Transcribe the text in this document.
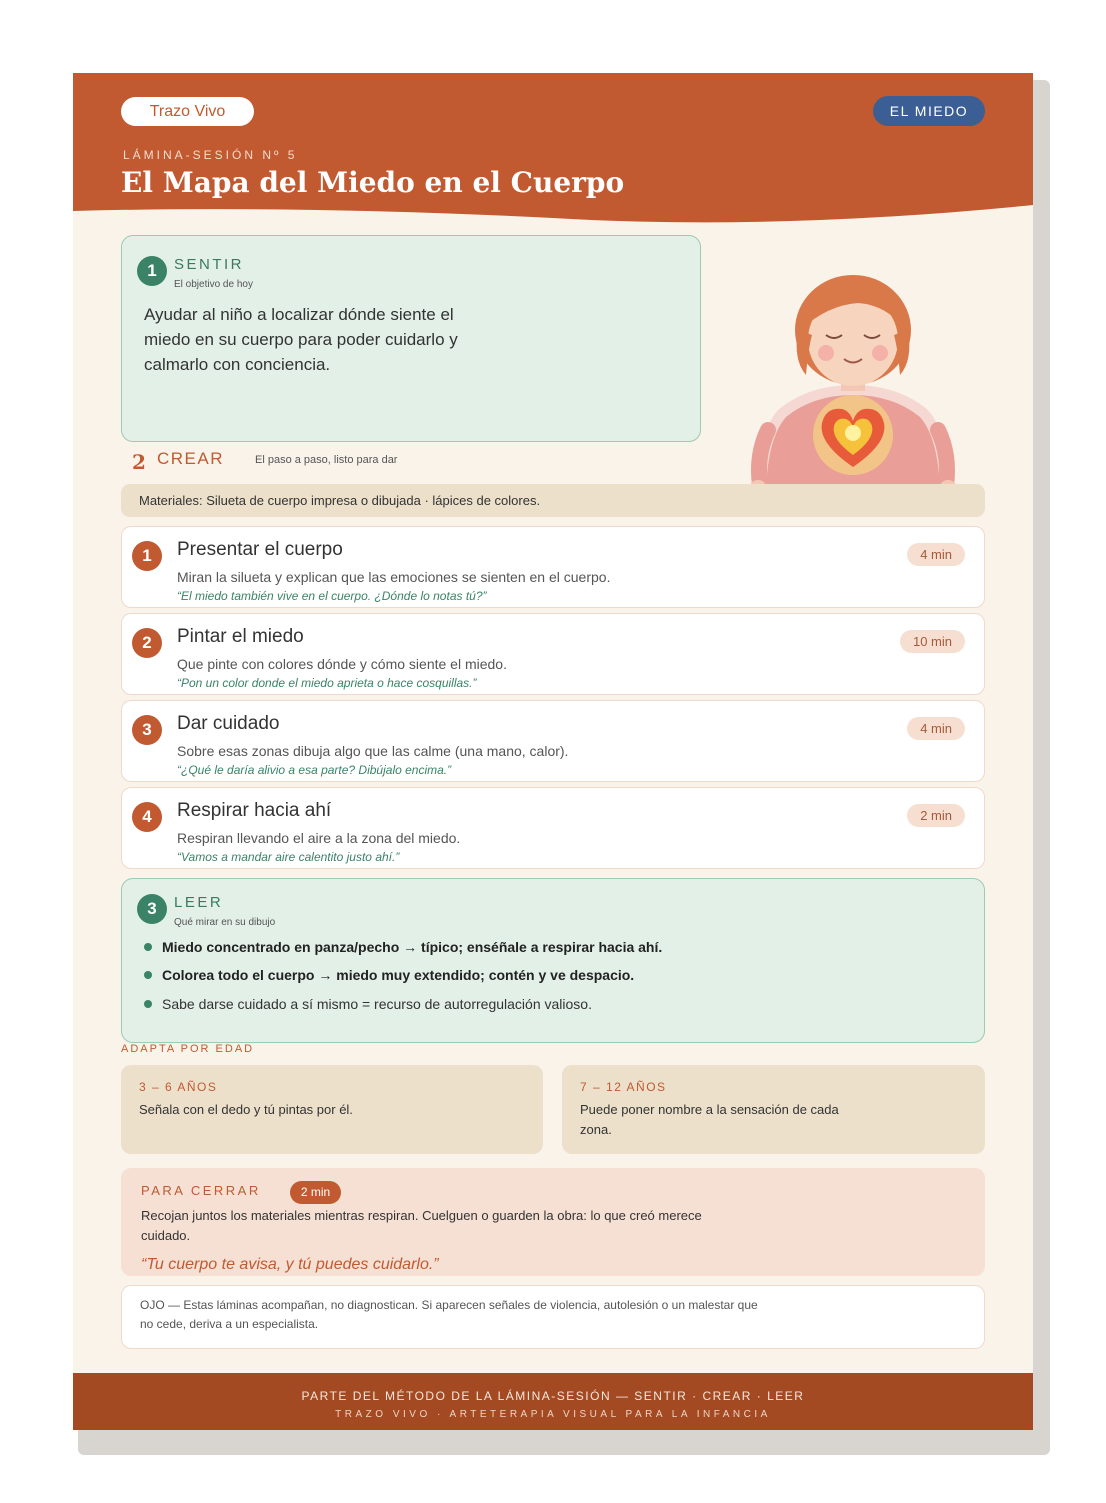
Trazo Vivo	EL MIEDO
LÁMINA-SESIÓN Nº 5
El Mapa del Miedo en el Cuerpo
1	SENTIR
El objetivo de hoy
Ayudar al niño a localizar dónde siente el miedo en su cuerpo para poder cuidarlo y calmarlo con conciencia.
2 CREAR	El paso a paso, listo para dar
Materiales: Silueta de cuerpo impresa o dibujada · lápices de colores.
1	Presentar el cuerpo
Miran la silueta y explican que las emociones se sienten en el cuerpo.
“El miedo también vive en el cuerpo. ¿Dónde lo notas tú?”
4 min
2	Pintar el miedo
Que pinte con colores dónde y cómo siente el miedo.
“Pon un color donde el miedo aprieta o hace cosquillas.”
10 min
3	Dar cuidado
Sobre esas zonas dibuja algo que las calme (una mano, calor).
“¿Qué le daría alivio a esa parte? Dibújalo encima.”
4 min
4	Respirar hacia ahí
Respiran llevando el aire a la zona del miedo.
“Vamos a mandar aire calentito justo ahí.”
2 min
3	LEER
Qué mirar en su dibujo
Miedo concentrado en panza/pecho → típico; enséñale a respirar hacia ahí.
Colorea todo el cuerpo → miedo muy extendido; contén y ve despacio.
Sabe darse cuidado a sí mismo = recurso de autorregulación valioso.
ADAPTA POR EDAD
3 – 6 AÑOS
Señala con el dedo y tú pintas por él.
7 – 12 AÑOS
Puede poner nombre a la sensación de cada zona.
PARA CERRAR	2 min
Recojan juntos los materiales mientras respiran. Cuelguen o guarden la obra: lo que creó merece cuidado.
“Tu cuerpo te avisa, y tú puedes cuidarlo.”
OJO — Estas láminas acompañan, no diagnostican. Si aparecen señales de violencia, autolesión o un malestar que no cede, deriva a un especialista.
PARTE DEL MÉTODO DE LA LÁMINA-SESIÓN — SENTIR · CREAR · LEER
TRAZO VIVO · ARTETERAPIA VISUAL PARA LA INFANCIA
